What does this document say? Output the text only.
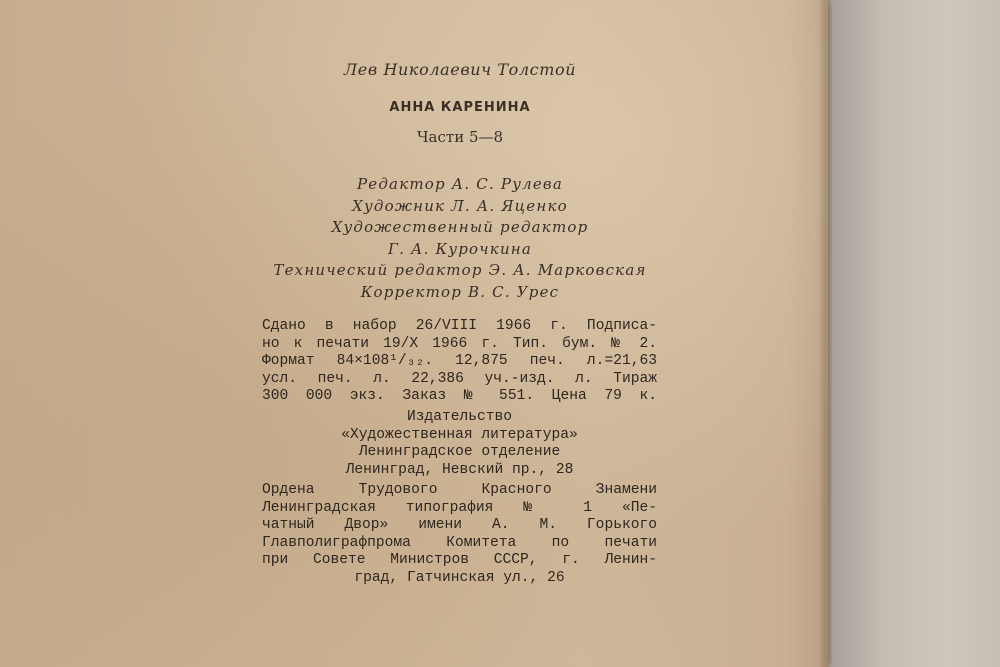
Лев Николаевич Толстой
АННА КАРЕНИНА
Части 5—8
Редактор А. С. Рулева
Художник Л. А. Яценко
Художественный редактор
Г. А. Курочкина
Технический редактор Э. А. Марковская
Корректор В. С. Урес
Сдано в набор 26/VIII 1966 г. Подписа-
но к печати 19/X 1966 г. Тип. бум. № 2.
Формат 84×108¹/₃₂. 12,875 печ. л.=21,63
усл. печ. л. 22,386 уч.-изд. л. Тираж
300 000 экз. Заказ № 551. Цена 79 к.
Издательство
«Художественная литература»
Ленинградское отделение
Ленинград, Невский пр., 28
Ордена Трудового Красного Знамени
Ленинградская типография № 1 «Пе-
чатный Двор» имени А. М. Горького
Главполиграфпрома Комитета по печати
при Совете Министров СССР, г. Ленин-
град, Гатчинская ул., 26
